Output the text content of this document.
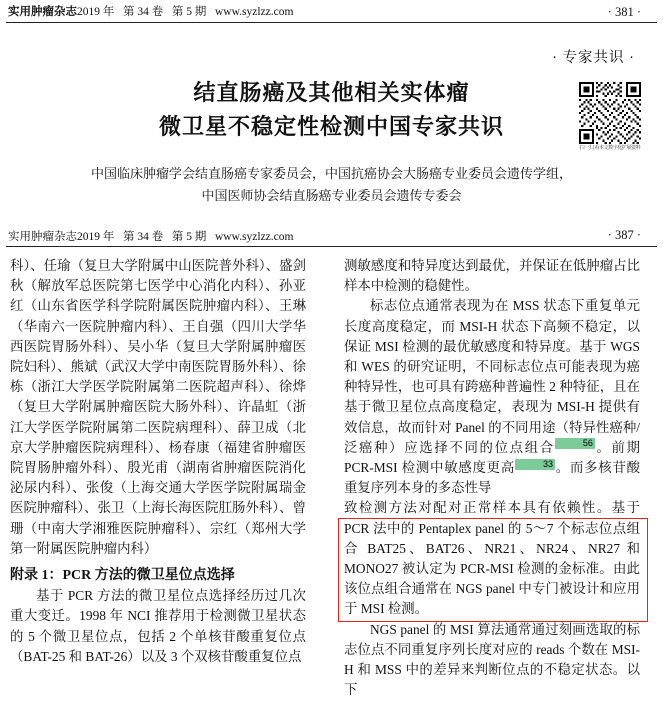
实用肿瘤杂志2019 年 第 34 卷 第 5 期 www.syzlzz.com	· 381 ·
· 专家共识 ·
结直肠癌及其他相关实体瘤
微卫星不稳定性检测中国专家共识
扫一扫 看本文数字化扩展资料
中国临床肿瘤学会结直肠癌专家委员会，中国抗癌协会大肠癌专业委员会遗传学组，
中国医师协会结直肠癌专业委员会遗传专委会
实用肿瘤杂志2019 年 第 34 卷 第 5 期 www.syzlzz.com	· 387 ·

科）、任瑜（复旦大学附属中山医院普外科）、盛剑秋（解放军总医院第七医学中心消化内科）、孙亚红（山东省医学科学院附属医院肿瘤内科）、王琳（华南六一医院肿瘤内科）、王自强（四川大学华西医院胃肠外科）、吴小华（复旦大学附属肿瘤医院妇科）、熊斌（武汉大学中南医院胃肠外科）、徐栋（浙江大学医学院附属第二医院超声科）、徐烨（复旦大学附属肿瘤医院大肠外科）、许晶虹（浙江大学医学院附属第二医院病理科）、薛卫成（北京大学肿瘤医院病理科）、杨春康（福建省肿瘤医院胃肠肿瘤外科）、殷光甫（湖南省肿瘤医院消化泌尿内科）、张俊（上海交通大学医学院附属瑞金医院肿瘤科）、张卫（上海长海医院肛肠外科）、曾珊（中南大学湘雅医院肿瘤科）、宗红（郑州大学第一附属医院肿瘤内科）

附录 1：PCR 方法的微卫星位点选择

基于 PCR 方法的微卫星位点选择经历过几次重大变迁。1998 年 NCI 推荐用于检测微卫星状态的 5 个微卫星位点，包括 2 个单核苷酸重复位点（BAT-25 和 BAT-26）以及 3 个双核苷酸重复位点

测敏感度和特异度达到最优，并保证在低肿瘤占比样本中检测的稳健性。

标志位点通常表现为在 MSS 状态下重复单元长度高度稳定，而 MSI-H 状态下高频不稳定，以保证 MSI 检测的最优敏感度和特异度。基于 WGS 和 WES 的研究证明，不同标志位点可能表现为癌种特异性，也可具有跨癌种普遍性 2 种特征，且在基于微卫星位点高度稳定，表现为 MSI-H 提供有效信息，故而针对 Panel 的不同用途（特异性癌种/泛癌种）应选择不同的位点组合	56 。前期 PCR-MSI 检测中敏感度更高	33 。而多核苷酸重复序列本身的多态性导

致检测方法对配对正常样本具有依赖性。基于 PCR 法中的 Pentaplex panel 的 5～7 个标志位点组合 BAT25、BAT26、NR21、NR24、NR27 和 MONO27 被认定为 PCR-MSI 检测的金标准。由此该位点组合通常在 NGS panel 中专门被设计和应用于 MSI 检测。

NGS panel 的 MSI 算法通常通过刻画选取的标志位点不同重复序列长度对应的 reads 个数在 MSI-H 和 MSS 中的差异来判断位点的不稳定状态。以下
